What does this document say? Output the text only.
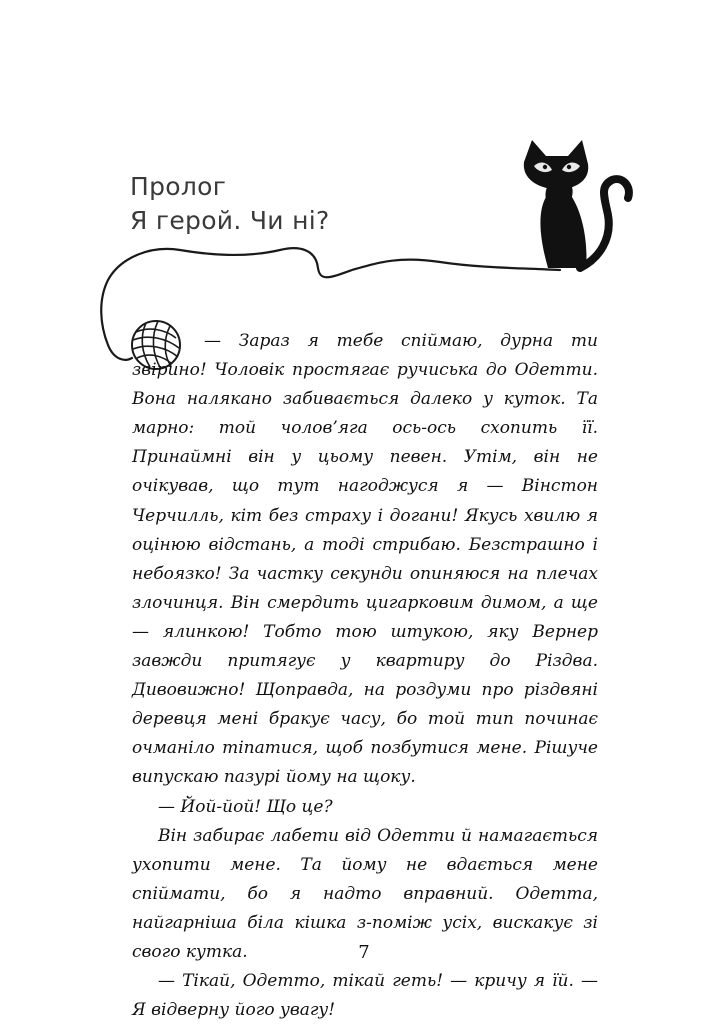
Пролог
Я герой. Чи ні?

— Зараз я тебе спіймаю, дурна ти звірино! Чоловік простягає ручиська до Одетти. Вона налякано забивається далеко у куток. Та марно: той чолов’яга ось-ось схопить її. Принаймні він у цьому певен. Утім, він не очікував, що тут нагоджуся я — Вінстон Черчилль, кіт без страху і догани! Якусь хвилю я оцінюю відстань, а тоді стрибаю. Безстрашно і небоязко! За частку секунди опиняюся на плечах злочинця. Він смердить цигарковим димом, а ще — ялинкою! Тобто тою штукою, яку Вернер завжди притягує у квартиру до Різдва. Дивовижно! Щоправда, на роздуми про різдвяні деревця мені бракує часу, бо той тип починає очманіло тіпатися, щоб позбутися мене. Рішуче випускаю пазурі йому на щоку.

— Йой-йой! Що це?

Він забирає лабети від Одетти й намагається ухопити мене. Та йому не вдається мене спіймати, бо я надто вправний. Одетта, найгарніша біла кішка з-поміж усіх, вискакує зі свого кутка.

— Тікай, Одетто, тікай геть! — кричу я їй. — Я відверну його увагу!

7
